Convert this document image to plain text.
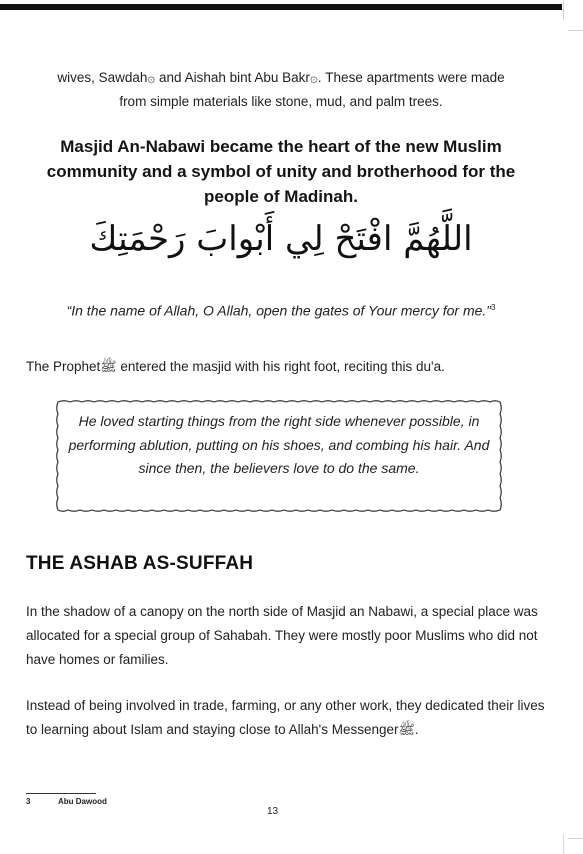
wives, Sawdah۞ and Aishah bint Abu Bakr۞. These apartments were made
from simple materials like stone, mud, and palm trees.
Masjid An-Nabawi became the heart of the new Muslim community and a symbol of unity and brotherhood for the people of Madinah.
اللَّهُمَّ افْتَحْ لِي أَبْوابَ رَحْمَتِكَ
“In the name of Allah, O Allah, open the gates of Your mercy for me.”$^3$
The Prophetﷺ entered the masjid with his right foot, reciting this du'a.
He loved starting things from the right side whenever possible, in performing ablution, putting on his shoes, and combing his hair. And since then, the believers love to do the same.
THE ASHAB AS-SUFFAH
In the shadow of a canopy on the north side of Masjid an Nabawi, a special place was allocated for a special group of Sahabah. They were mostly poor Muslims who did not have homes or families.
Instead of being involved in trade, farming, or any other work, they dedicated their lives to learning about Islam and staying close to Allah's Messengerﷺ.
3	Abu Dawood
13
